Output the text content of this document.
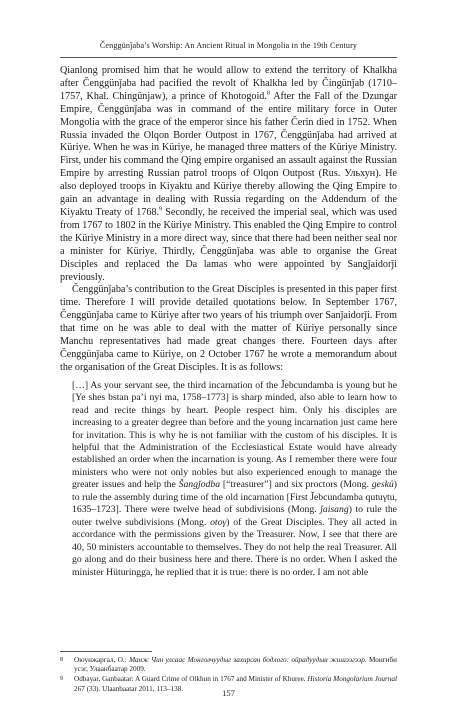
Čenggünǰaba’s Worship: An Ancient Ritual in Mongolia in the 19th Century

Qianlong promised him that he would allow to extend the territory of Khalkha after Čenggünǰaba had pacified the revolt of Khalkha led by Čingünǰab (1710–1757, Khal. Chingünjaw), a prince of Khotogoid.$^8$ After the Fall of the Dzungar Empire, Čenggünǰaba was in command of the entire military force in Outer Mongolia with the grace of the emperor since his father Čerin died in 1752. When Russia invaded the Olqon Border Outpost in 1767, Čenggünǰaba had arrived at Küriye. When he was in Küriye, he managed three matters of the Küriye Ministry. First, under his command the Qing empire organised an assault against the Russian Empire by arresting Russian patrol troops of Olqon Outpost (Rus. Ульхун). He also deployed troops in Kiyaktu and Küriye thereby allowing the Qing Empire to gain an advantage in dealing with Russia regarding on the Addendum of the Kiyaktu Treaty of 1768.$^9$ Secondly, he received the imperial seal, which was used from 1767 to 1802 in the Küriye Ministry. This enabled the Qing Empire to control the Küriye Ministry in a more direct way, since that there had been neither seal nor a minister for Küriye. Thirdly, Čenggünǰaba was able to organise the Great Disciples and replaced the Da lamas who were appointed by Sangǰaidorǰi previously.

Čenggünǰaba’s contribution to the Great Disciples is presented in this paper first time. Therefore I will provide detailed quotations below. In September 1767, Čenggünǰaba came to Küriye after two years of his triumph over Sanǰaidorǰi. From that time on he was able to deal with the matter of Küriye personally since Manchu representatives had made great changes there. Fourteen days after Čenggünǰaba came to Küriye, on 2 October 1767 he wrote a memorandum about the organisation of the Great Disciples. It is as follows:

[…] As your servant see, the third incarnation of the J̌ebcundamba is young but he [Ye shes bstan pa’i nyi ma, 1758–1773] is sharp minded, also able to learn how to read and recite things by heart. People respect him. Only his disciples are increasing to a greater degree than before and the young incarnation just came here for invitation. This is why he is not familiar with the custom of his disciples. It is helpful that the Administration of the Ecclesiastical Estate would have already established an order when the incarnation is young. As I remember there were four ministers who were not only nobles but also experienced enough to manage the greater issues and help the Šangǰodba [“treasurer”] and six proctors (Mong. geskü) to rule the assembly during time of the old incarnation [First J̌ebcundamba qutuγtu, 1635–1723]. There were twelve head of subdivisions (Mong. ǰaisang) to rule the outer twelve subdivisions (Mong. otoγ) of the Great Disciples. They all acted in accordance with the permissions given by the Treasurer. Now, I see that there are 40, 50 ministers accountable to themselves. They do not help the real Treasurer. All go along and do their business here and there. There is no order. When I asked the minister Hüturingga, he replied that it is true: there is no order. I am not able
8	Оюунжаргал, О.: Манж Чин улсаас Монголчуудыг захирсан бодлого: ойрадуудын жишээгээр. Монгиби усэг, Улаанбаатар 2009.
9	Odbayar, Ganbaatar: A Guard Crime of Olkhun in 1767 and Minister of Khuree. Historia Mongolarium Journal 267 (33). Ulaanbaatar 2011, 113–138.	157
